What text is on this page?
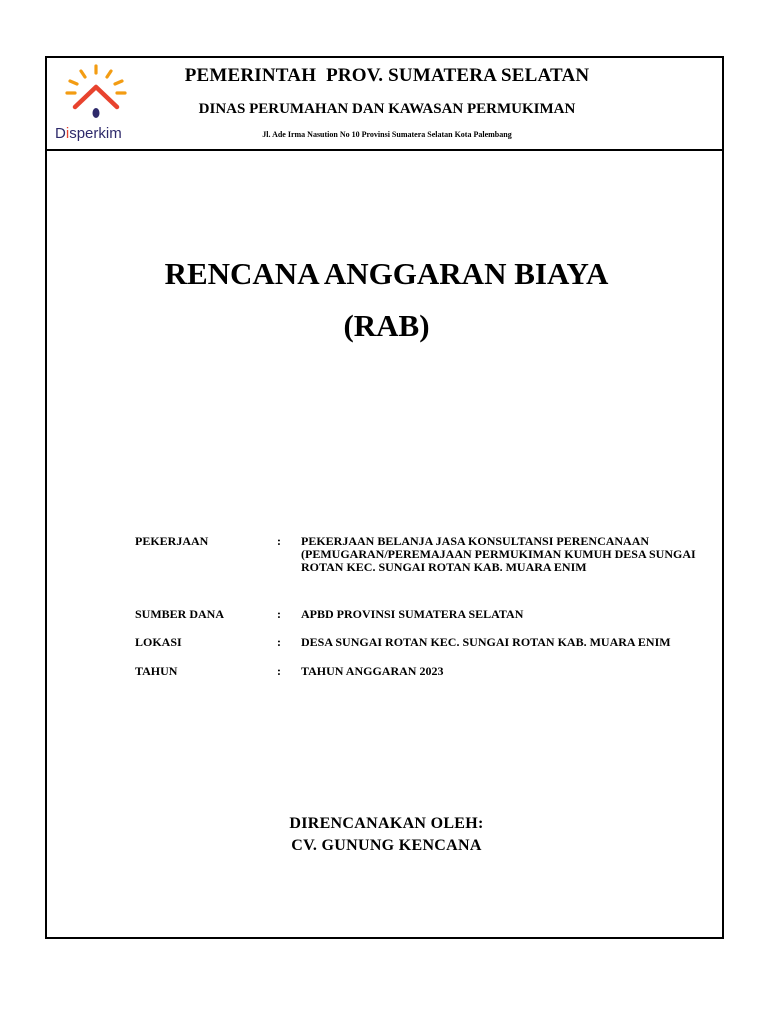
Disperkim
PEMERINTAH  PROV. SUMATERA SELATAN
DINAS PERUMAHAN DAN KAWASAN PERMUKIMAN
Jl. Ade Irma Nasution No 10 Provinsi Sumatera Selatan Kota Palembang
RENCANA ANGGARAN BIAYA
(RAB)
PEKERJAAN	: PEKERJAAN BELANJA JASA KONSULTANSI PERENCANAAN (PEMUGARAN/PEREMAJAAN PERMUKIMAN KUMUH DESA SUNGAI ROTAN KEC. SUNGAI ROTAN KAB. MUARA ENIM
SUMBER DANA	: APBD PROVINSI SUMATERA SELATAN
LOKASI	: DESA SUNGAI ROTAN KEC. SUNGAI ROTAN KAB. MUARA ENIM
TAHUN	: TAHUN ANGGARAN 2023
DIRENCANAKAN OLEH:
CV. GUNUNG KENCANA
